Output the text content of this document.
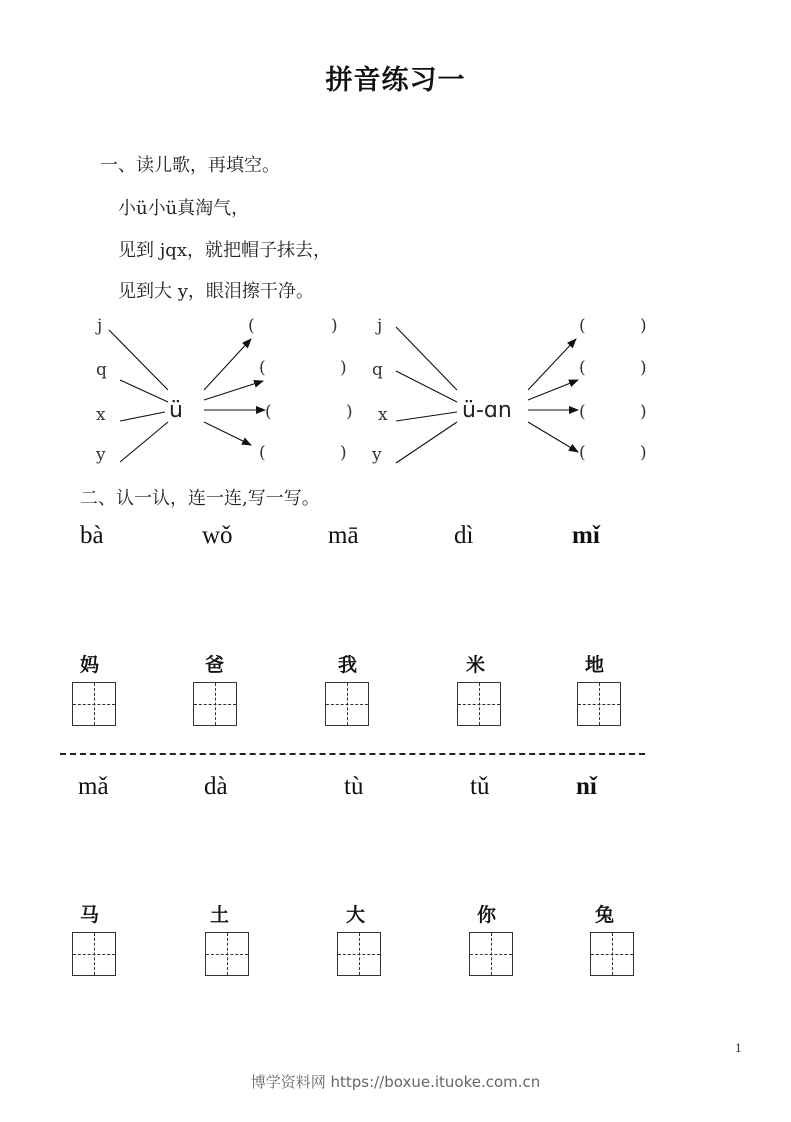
拼音练习一
一、读儿歌，再填空。
小ü小ü真淘气，
见到 jqx，就把帽子抹去，
见到大 y，眼泪擦干净。
j
q
x
y
ü
(	)
(	)
(	)
(	)
j
q
x
y
ü-ɑn
(	)
(	)
(	)
(	)
二、认一认，连一连,写一写。
bà	wǒ	mā	dì	mǐ
妈	爸	我	米	地
mǎ	dà	tù	tǔ	nǐ
马	土	大	你	兔
1
博学资料网 https://boxue.ituoke.com.cn
